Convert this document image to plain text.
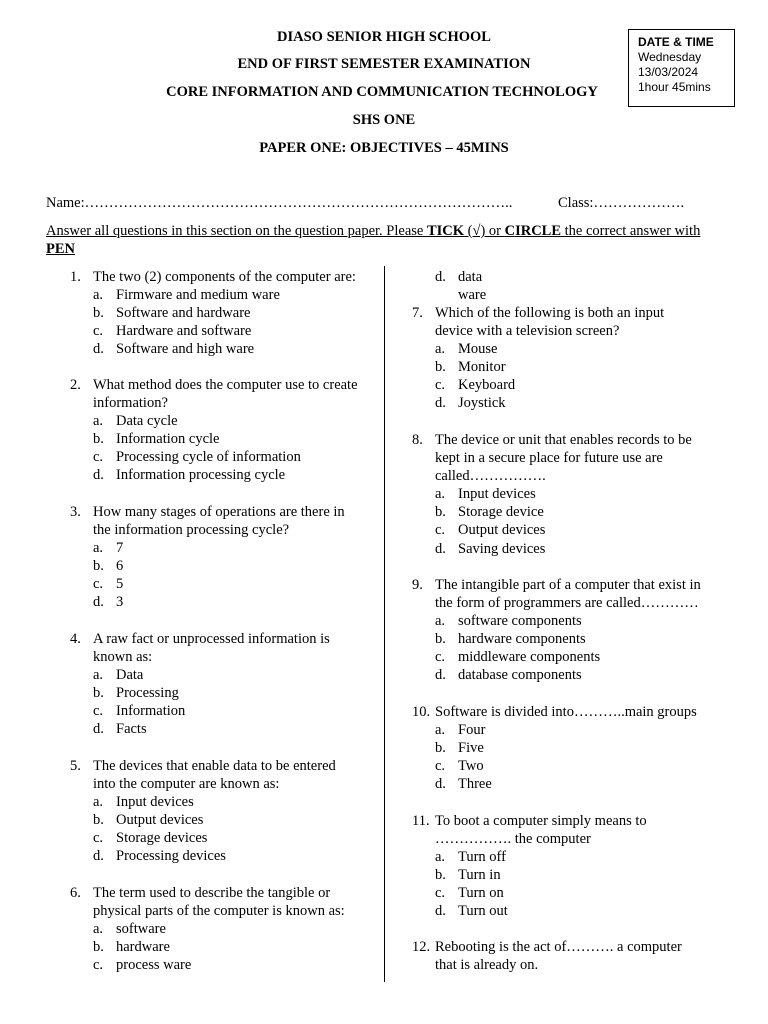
DIASO SENIOR HIGH SCHOOL
END OF FIRST SEMESTER EXAMINATION
CORE INFORMATION AND COMMUNICATION TECHNOLOGY
SHS ONE
PAPER ONE: OBJECTIVES – 45MINS
DATE & TIME
Wednesday
13/03/2024
1hour 45mins
Name:……………………………………………………………………………..	Class:……………….
Answer all questions in this section on the question paper. Please TICK (√) or CIRCLE the correct answer with PEN
1. The two (2) components of the computer are:
a. Firmware and medium ware
b. Software and hardware
c. Hardware and software
d. Software and high ware
2. What method does the computer use to create
information?
a. Data cycle
b. Information cycle
c. Processing cycle of information
d. Information processing cycle
3. How many stages of operations are there in
the information processing cycle?
a. 7
b. 6
c. 5
d. 3
4. A raw fact or unprocessed information is
known as:
a. Data
b. Processing
c. Information
d. Facts
5. The devices that enable data to be entered
into the computer are known as:
a. Input devices
b. Output devices
c. Storage devices
d. Processing devices
6. The term used to describe the tangible or
physical parts of the computer is known as:
a. software
b. hardware
c. process ware
d. data ware
7. Which of the following is both an input
device with a television screen?
a. Mouse
b. Monitor
c. Keyboard
d. Joystick
8. The device or unit that enables records to be
kept in a secure place for future use are
called…………….
a. Input devices
b. Storage device
c. Output devices
d. Saving devices
9. The intangible part of a computer that exist in
the form of programmers are called…………
a. software components
b. hardware components
c. middleware components
d. database components
10. Software is divided into………..main groups
a. Four
b. Five
c. Two
d. Three
11. To boot a computer simply means to
……………. the computer
a. Turn off
b. Turn in
c. Turn on
d. Turn out
12. Rebooting is the act of………. a computer
that is already on.
